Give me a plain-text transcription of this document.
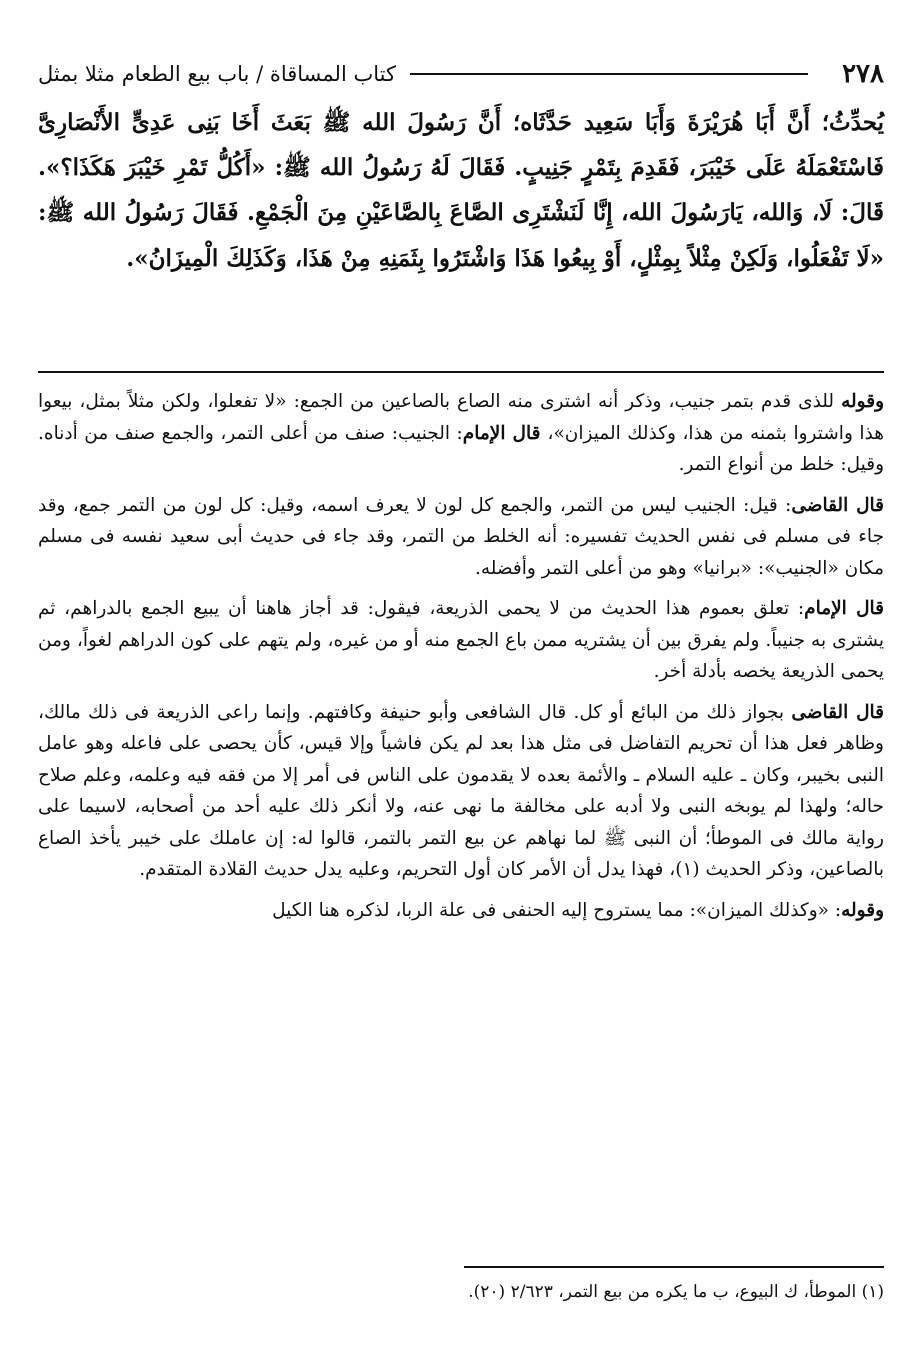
٢٧٨
كتاب المساقاة / باب بيع الطعام مثلا بمثل
يُحدِّثُ؛ أَنَّ أَبَا هُرَيْرَةَ وَأَبَا سَعِيد حَدَّثَاه؛ أَنَّ رَسُولَ الله ﷺ بَعَثَ أَخَا بَنِى عَدِىٍّ الأَنْصَارِىَّ فَاسْتَعْمَلَهُ عَلَى خَيْبَرَ، فَقَدِمَ بِتَمْرٍ جَنِيبٍ. فَقَالَ لَهُ رَسُولُ الله ﷺ: «أَكُلُّ تَمْرِ خَيْبَرَ هَكَذَا؟». قَالَ: لَا، وَالله، يَارَسُولَ الله، إِنَّا لَنَشْتَرِى الصَّاعَ بِالصَّاعَيْنِ مِنَ الْجَمْعِ. فَقَالَ رَسُولُ الله ﷺ: «لَا تَفْعَلُوا، وَلَكِنْ مِثْلاً بِمِثْلٍ، أَوْ بِيعُوا هَذَا وَاشْتَرُوا بِثَمَنِهِ مِنْ هَذَا، وَكَذَلِكَ الْمِيزَانُ».

وقوله للذى قدم بتمر جنيب، وذكر أنه اشترى منه الصاع بالصاعين من الجمع: «لا تفعلوا، ولكن مثلاً بمثل، بيعوا هذا واشتروا بثمنه من هذا، وكذلك الميزان»، قال الإمام: الجنيب: صنف من أعلى التمر، والجمع صنف من أدناه. وقيل: خلط من أنواع التمر.

قال القاضى: قيل: الجنيب ليس من التمر، والجمع كل لون لا يعرف اسمه، وقيل: كل لون من التمر جمع، وقد جاء فى مسلم فى نفس الحديث تفسيره: أنه الخلط من التمر، وقد جاء فى حديث أبى سعيد نفسه فى مسلم مكان «الجنيب»: «برانيا» وهو من أعلى التمر وأفضله.

قال الإمام: تعلق بعموم هذا الحديث من لا يحمى الذريعة، فيقول: قد أجاز هاهنا أن يبيع الجمع بالدراهم، ثم يشترى به جنيباً. ولم يفرق بين أن يشتريه ممن باع الجمع منه أو من غيره، ولم يتهم على كون الدراهم لغواً، ومن يحمى الذريعة يخصه بأدلة أخر.

قال القاضى بجواز ذلك من البائع أو كل. قال الشافعى وأبو حنيفة وكافتهم. وإنما راعى الذريعة فى ذلك مالك، وظاهر فعل هذا أن تحريم التفاضل فى مثل هذا بعد لم يكن فاشياً وإلا قيس، كأن يحصى على فاعله وهو عامل النبى بخيبر، وكان ـ عليه السلام ـ والأئمة بعده لا يقدمون على الناس فى أمر إلا من فقه فيه وعلمه، وعلم صلاح حاله؛ ولهذا لم يوبخه النبى ولا أدبه على مخالفة ما نهى عنه، ولا أنكر ذلك عليه أحد من أصحابه، لاسيما على رواية مالك فى الموطأ؛ أن النبى ﷺ لما نهاهم عن بيع التمر بالتمر، قالوا له: إن عاملك على خيبر يأخذ الصاع بالصاعين، وذكر الحديث (١)، فهذا يدل أن الأمر كان أول التحريم، وعليه يدل حديث القلادة المتقدم.

وقوله: «وكذلك الميزان»: مما يستروح إليه الحنفى فى علة الربا، لذكره هنا الكيل

(١) الموطأ، ك البيوع، ب ما يكره من بيع التمر، ٢/٦٢٣ (٢٠).
